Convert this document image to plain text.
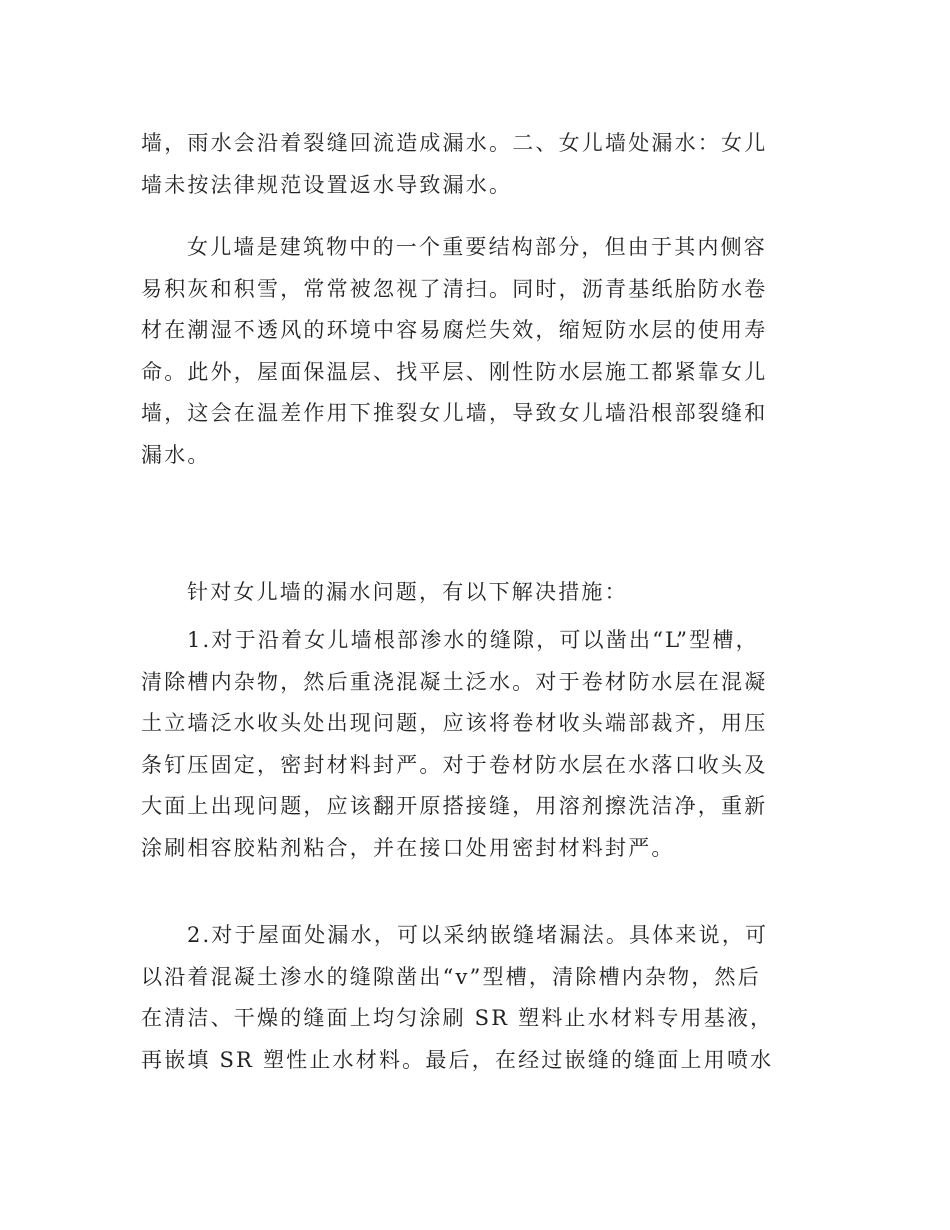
墙，雨水会沿着裂缝回流造成漏水。二、女儿墙处漏水：女儿
墙未按法律规范设置返水导致漏水。
女儿墙是建筑物中的一个重要结构部分，但由于其内侧容
易积灰和积雪，常常被忽视了清扫。同时，沥青基纸胎防水卷
材在潮湿不透风的环境中容易腐烂失效，缩短防水层的使用寿
命。此外，屋面保温层、找平层、刚性防水层施工都紧靠女儿
墙，这会在温差作用下推裂女儿墙，导致女儿墙沿根部裂缝和
漏水。
针对女儿墙的漏水问题，有以下解决措施：
1.对于沿着女儿墙根部渗水的缝隙，可以凿出“L”型槽，
清除槽内杂物，然后重浇混凝土泛水。对于卷材防水层在混凝
土立墙泛水收头处出现问题，应该将卷材收头端部裁齐，用压
条钉压固定，密封材料封严。对于卷材防水层在水落口收头及
大面上出现问题，应该翻开原搭接缝，用溶剂擦洗洁净，重新
涂刷相容胶粘剂粘合，并在接口处用密封材料封严。
2.对于屋面处漏水，可以采纳嵌缝堵漏法。具体来说，可
以沿着混凝土渗水的缝隙凿出“v”型槽，清除槽内杂物，然后
在清洁、干燥的缝面上均匀涂刷 SR 塑料止水材料专用基液，
再嵌填 SR 塑性止水材料。最后，在经过嵌缝的缝面上用喷水
